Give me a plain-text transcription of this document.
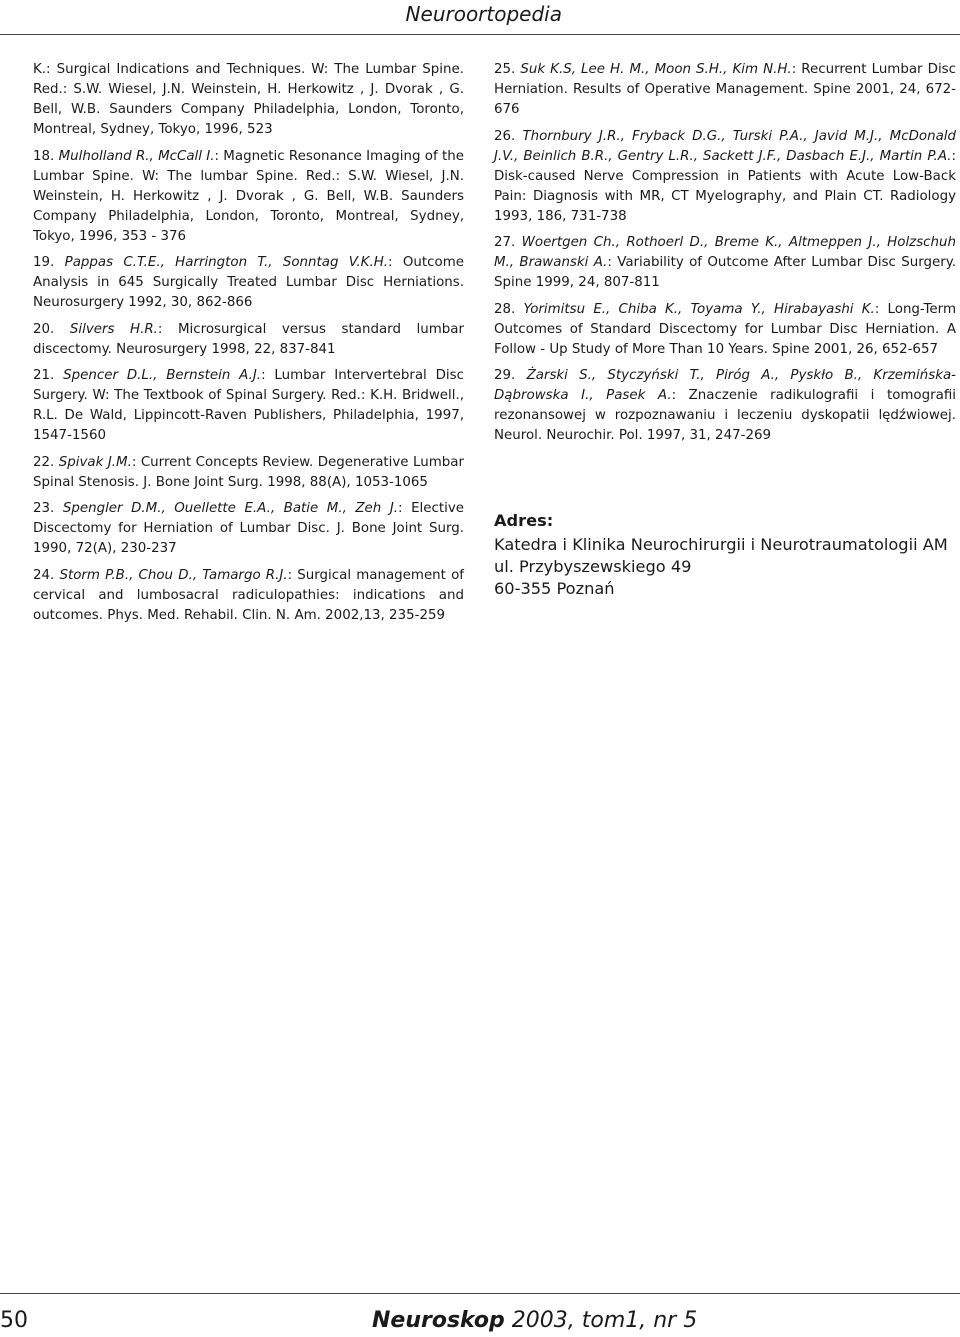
Neuroortopedia

K.: Surgical Indications and Techniques. W: The Lumbar Spine. Red.: S.W. Wiesel, J.N. Weinstein, H. Herkowitz , J. Dvorak , G. Bell, W.B. Saunders Company Philadelphia, London, Toronto, Montreal, Sydney, Tokyo, 1996, 523

18. Mulholland R., McCall I.: Magnetic Resonance Imaging of the Lumbar Spine. W: The lumbar Spine. Red.: S.W. Wiesel, J.N. Weinstein, H. Herkowitz , J. Dvorak , G. Bell, W.B. Saunders Company Philadelphia, London, Toronto, Montreal, Sydney, Tokyo, 1996, 353 - 376

19. Pappas C.T.E., Harrington T., Sonntag V.K.H.: Outcome Analysis in 645 Surgically Treated Lumbar Disc Herniations. Neurosurgery 1992, 30, 862-866

20. Silvers H.R.: Microsurgical versus standard lumbar discectomy. Neurosurgery 1998, 22, 837-841

21. Spencer D.L., Bernstein A.J.: Lumbar Intervertebral Disc Surgery. W: The Textbook of Spinal Surgery. Red.: K.H. Bridwell., R.L. De Wald, Lippincott-Raven Publishers, Philadelphia, 1997, 1547-1560

22. Spivak J.M.: Current Concepts Review. Degenerative Lumbar Spinal Stenosis. J. Bone Joint Surg. 1998, 88(A), 1053-1065

23. Spengler D.M., Ouellette E.A., Batie M., Zeh J.: Elective Discectomy for Herniation of Lumbar Disc. J. Bone Joint Surg. 1990, 72(A), 230-237

24. Storm P.B., Chou D., Tamargo R.J.: Surgical management of cervical and lumbosacral radiculopathies: indications and outcomes. Phys. Med. Rehabil. Clin. N. Am. 2002,13, 235-259

25. Suk K.S, Lee H. M., Moon S.H., Kim N.H.: Recurrent Lumbar Disc Herniation. Results of Operative Management. Spine 2001, 24, 672-676

26. Thornbury J.R., Fryback D.G., Turski P.A., Javid M.J., McDonald J.V., Beinlich B.R., Gentry L.R., Sackett J.F., Dasbach E.J., Martin P.A.: Disk-caused Nerve Compression in Patients with Acute Low-Back Pain: Diagnosis with MR, CT Myelography, and Plain CT. Radiology 1993, 186, 731-738

27. Woertgen Ch., Rothoerl D., Breme K., Altmeppen J., Holzschuh M., Brawanski A.: Variability of Outcome After Lumbar Disc Surgery. Spine 1999, 24, 807-811

28. Yorimitsu E., Chiba K., Toyama Y., Hirabayashi K.: Long-Term Outcomes of Standard Discectomy for Lumbar Disc Herniation. A Follow - Up Study of More Than 10 Years. Spine 2001, 26, 652-657

29. Żarski S., Styczyński T., Piróg A., Pyskło B., Krzemińska-Dąbrowska I., Pasek A.: Znaczenie radikulografii i tomografii rezonansowej w rozpoznawaniu i leczeniu dyskopatii lędźwiowej. Neurol. Neurochir. Pol. 1997, 31, 247-269

Adres:
Katedra i Klinika Neurochirurgii i Neurotraumatologii AM
ul. Przybyszewskiego 49
60-355 Poznań
50	Neuroskop 2003, tom1, nr 5
